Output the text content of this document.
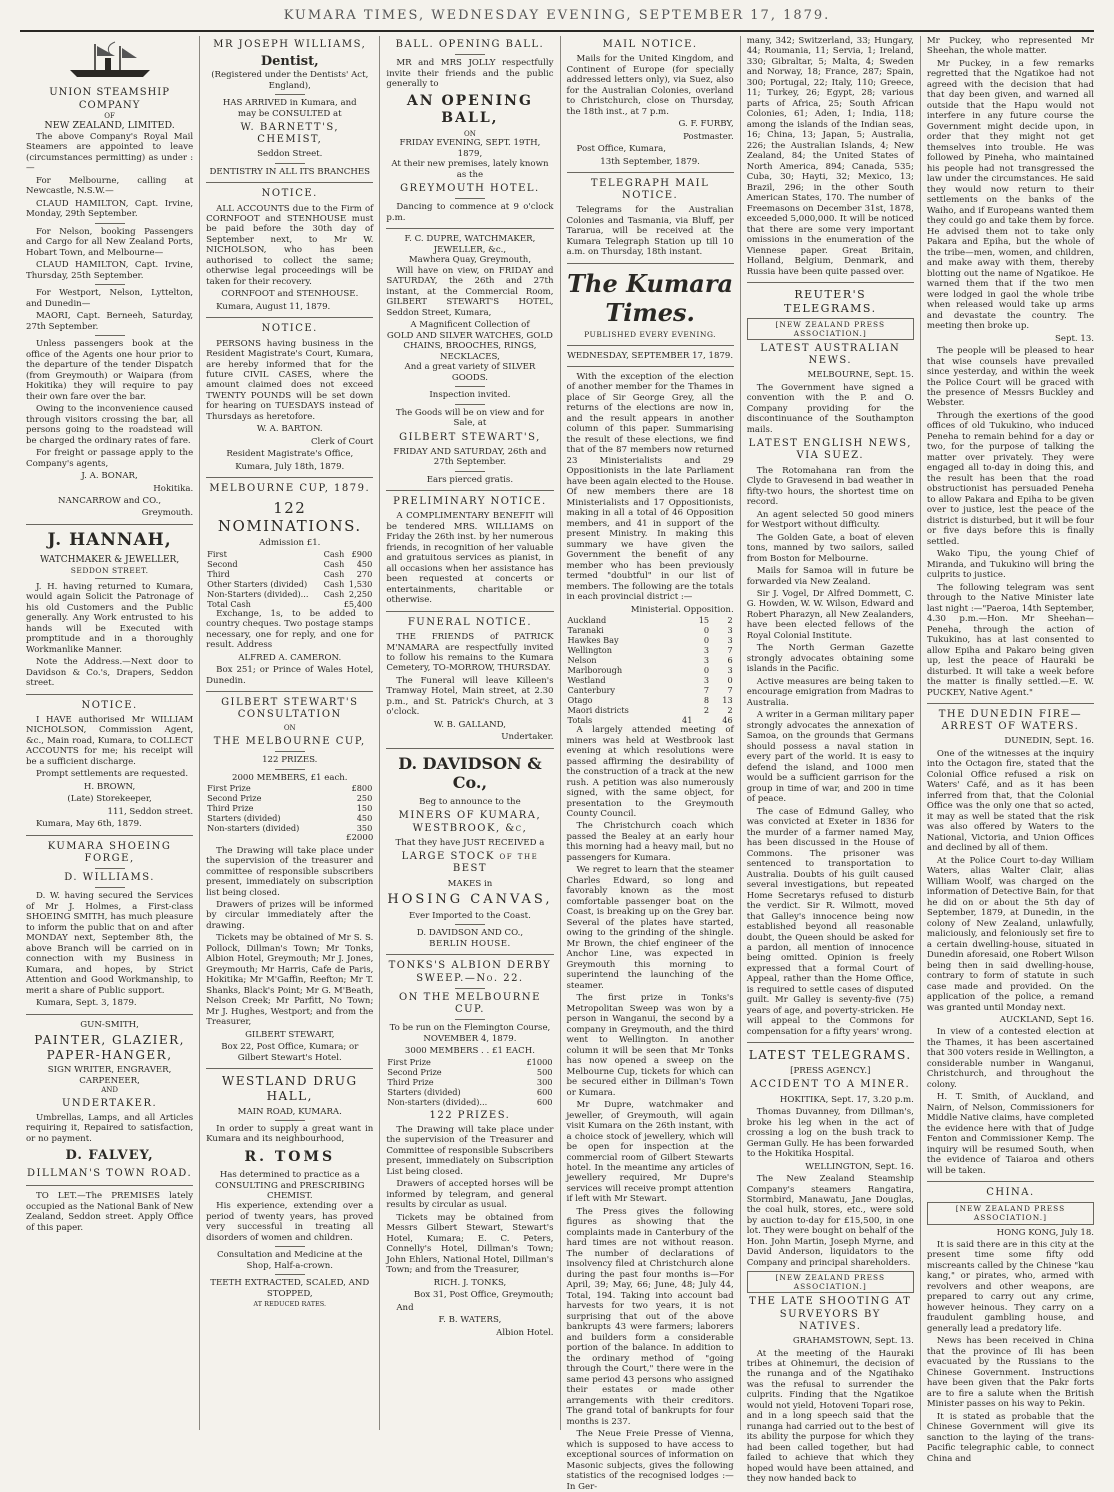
KUMARA TIMES, WEDNESDAY EVENING, SEPTEMBER 17, 1879.
UNION STEAMSHIP COMPANY
OF
NEW ZEALAND, LIMITED.

The above Company's Royal Mail Steamers are appointed to leave (circumstances permitting) as under :—

For Melbourne, calling at Newcastle, N.S.W.—

CLAUD HAMILTON, Capt. Irvine, Monday, 29th September.

For Nelson, booking Passengers and Cargo for all New Zealand Ports, Hobart Town, and Melbourne—

CLAUD HAMILTON, Capt. Irvine, Thursday, 25th September.

For Westport, Nelson, Lyttelton, and Dunedin—

MAORI, Capt. Berneeh, Saturday, 27th September.

Unless passengers book at the office of the Agents one hour prior to the departure of the tender Dispatch (from Greymouth) or Waipara (from Hokitika) they will require to pay their own fare over the bar.

Owing to the inconvenience caused through visitors crossing the bar, all persons going to the roadstead will be charged the ordinary rates of fare.

For freight or passage apply to the Company's agents,

J. A. BONAR,

Hokitika.

NANCARROW and CO.,

Greymouth.

J. HANNAH,
WATCHMAKER & JEWELLER,
SEDDON STREET.

J. H. having returned to Kumara, would again Solicit the Patronage of his old Customers and the Public generally. Any Work entrusted to his hands will be Executed with promptitude and in a thoroughly Workmanlike Manner.

Note the Address.—Next door to Davidson & Co.'s, Drapers, Seddon street.

NOTICE.

I HAVE authorised Mr WILLIAM NICHOLSON, Commission Agent, &c., Main road, Kumara, to COLLECT ACCOUNTS for me; his receipt will be a sufficient discharge.

Prompt settlements are requested.

H. BROWN,

(Late) Storekeeper,

111, Seddon street.

Kumara, May 6th, 1879.

KUMARA SHOEING FORGE,
D. WILLIAMS.

D. W. having secured the Services of Mr J. Holmes, a First-class SHOEING SMITH, has much pleasure to inform the public that on and after MONDAY next, September 8th, the above Branch will be carried on in connection with my Business in Kumara, and hopes, by Strict Attention and Good Workmanship, to merit a share of Public support.

Kumara, Sept. 3, 1879.

GUN-SMITH,
PAINTER, GLAZIER, PAPER-HANGER,
SIGN WRITER, ENGRAVER,
CARPENEER,
AND
UNDERTAKER.

Umbrellas, Lamps, and all Articles requiring it, Repaired to satisfaction, or no payment.

D. FALVEY,
DILLMAN'S TOWN ROAD.

TO LET.—The PREMISES lately occupied as the National Bank of New Zealand, Seddon street. Apply Office of this paper.

MR JOSEPH WILLIAMS,
Dentist,
(Registered under the Dentists' Act, England),
HAS ARRIVED in Kumara, and
may be CONSULTED at
W. BARNETT'S, CHEMIST,
Seddon Street.
DENTISTRY IN ALL ITS BRANCHES
NOTICE.

ALL ACCOUNTS due to the Firm of CORNFOOT and STENHOUSE must be paid before the 30th day of September next, to Mr W. NICHOLSON, who has been authorised to collect the same; otherwise legal proceedings will be taken for their recovery.

CORNFOOT and STENHOUSE.

Kumara, August 11, 1879.

NOTICE.

PERSONS having business in the Resident Magistrate's Court, Kumara, are hereby informed that for the future CIVIL CASES, where the amount claimed does not exceed TWENTY POUNDS will be set down for hearing on TUESDAYS instead of Thursdays as heretofore.

W. A. BARTON.

Clerk of Court

Resident Magistrate's Office,

Kumara, July 18th, 1879.

MELBOURNE CUP, 1879.
122 NOMINATIONS.
Admission £1.
First	Cash	£900
Second	Cash	450
Third	Cash	270
Other Starters (divided)	Cash	1,530
Non-Starters (divided)...	Cash	2,250
Total Cash	£5,400

Exchange, 1s, to be added to country cheques. Two postage stamps necessary, one for reply, and one for result. Address

ALFRED A. CAMERON.

Box 251; or Prince of Wales Hotel, Dunedin.

GILBERT STEWART'S CONSULTATION
ON
THE MELBOURNE CUP,
122 PRIZES.
2000 MEMBERS, £1 each.
First Prize	£800
Second Prize	250
Third Prize	150
Starters (divided)	450
Non-starters (divided)	350

£2000

The Drawing will take place under the supervision of the treasurer and committee of responsible subscribers present, immediately on subscription list being closed.

Drawers of prizes will be informed by circular immediately after the drawing.

Tickets may be obtained of Mr S. S. Pollock, Dillman's Town; Mr Tonks, Albion Hotel, Greymouth; Mr J. Jones, Greymouth; Mr Harris, Cafe de Paris, Hokitika; Mr M'Gaffin, Reefton; Mr T. Shanks, Black's Point; Mr G. M'Beath, Nelson Creek; Mr Parfitt, No Town; Mr J. Hughes, Westport; and from the Treasurer,

GILBERT STEWART,

Box 22, Post Office, Kumara; or Gilbert Stewart's Hotel.

WESTLAND DRUG HALL,
MAIN ROAD, KUMARA.

In order to supply a great want in Kumara and its neighbourhood,

R. TOMS
Has determined to practice as a
CONSULTING and PRESCRIBING CHEMIST.

His experience, extending over a period of twenty years, has proved very successful in treating all disorders of women and children.

Consultation and Medicine at the Shop, Half-a-crown.

TEETH EXTRACTED, SCALED, AND STOPPED,

AT REDUCED RATES.

BALL. OPENING BALL.

MR and MRS JOLLY respectfully invite their friends and the public generally to

AN OPENING BALL,
ON
FRIDAY EVENING, SEPT. 19TH, 1879,
At their new premises, lately known as the
GREYMOUTH HOTEL.

Dancing to commence at 9 o'clock p.m.

F. C. DUPRE, WATCHMAKER, JEWELLER, &c.,
Mawhera Quay, Greymouth,

Will have on view, on FRIDAY and SATURDAY, the 26th and 27th instant, at the Commercial Room, GILBERT STEWART'S HOTEL, Seddon Street, Kumara,

A Magnificent Collection of
GOLD AND SILVER WATCHES, GOLD CHAINS, BROOCHES, RINGS, NECKLACES,
And a great variety of SILVER GOODS.
Inspection invited.

The Goods will be on view and for Sale, at

GILBERT STEWART'S,
FRIDAY AND SATURDAY, 26th and 27th September.
Ears pierced gratis.
PRELIMINARY NOTICE.

A COMPLIMENTARY BENEFIT will be tendered MRS. WILLIAMS on Friday the 26th inst. by her numerous friends, in recognition of her valuable and gratuitous services as pianist, in all occasions when her assistance has been requested at concerts or entertainments, charitable or otherwise.

FUNERAL NOTICE.

THE FRIENDS of PATRICK M'NAMARA are respectfully invited to follow his remains to the Kumara Cemetery, TO-MORROW, THURSDAY.

The Funeral will leave Killeen's Tramway Hotel, Main street, at 2.30 p.m., and St. Patrick's Church, at 3 o'clock.

W. B. GALLAND,

Undertaker.

D. DAVIDSON & Co.,
Beg to announce to the
MINERS OF KUMARA, WESTBROOK, &c,
That they have JUST RECEIVED a
LARGE STOCK of the BEST
MAKES in
HOSING CANVAS,
Ever Imported to the Coast.
D. DAVIDSON AND CO.,
BERLIN HOUSE.
TONKS'S ALBION DERBY SWEEP.—No. 22.
ON THE MELBOURNE CUP.

To be run on the Flemington Course, NOVEMBER 4, 1879.

3000 MEMBERS . . £1 EACH.
First Prize	£1000
Second Prize	500
Third Prize	300
Starters (divided)	600
Non-starters (divided)...	600
122 PRIZES.

The Drawing will take place under the supervision of the Treasurer and Committee of responsible Subscribers present, immediately on Subscription List being closed.

Drawers of accepted horses will be informed by telegram, and general results by circular as usual.

Tickets may be obtained from Messrs Gilbert Stewart, Stewart's Hotel, Kumara; E. C. Peters, Connelly's Hotel, Dillman's Town; John Ehlers, National Hotel, Dillman's Town; and from the Treasurer,

RICH. J. TONKS,

Box 31, Post Office, Greymouth;

And

F. B. WATERS,

Albion Hotel.

MAIL NOTICE.

Mails for the United Kingdom, and Continent of Europe (for specially addressed letters only), via Suez, also for the Australian Colonies, overland to Christchurch, close on Thursday, the 18th inst., at 7 p.m.

G. F. FURBY,

Postmaster.

Post Office, Kumara,

13th September, 1879.

TELEGRAPH MAIL NOTICE.

Telegrams for the Australian Colonies and Tasmania, via Bluff, per Tararua, will be received at the Kumara Telegraph Station up till 10 a.m. on Thursday, 18th instant.

The Kumara Times.
PUBLISHED EVERY EVENING.
WEDNESDAY, SEPTEMBER 17, 1879.

With the exception of the election of another member for the Thames in place of Sir George Grey, all the returns of the elections are now in, and the result appears in another column of this paper. Summarising the result of these elections, we find that of the 87 members now returned 23 Ministerialists and 29 Oppositionists in the late Parliament have been again elected to the House. Of new members there are 18 Ministerialists and 17 Oppositionists, making in all a total of 46 Opposition members, and 41 in support of the present Ministry. In making this summary we have given the Government the benefit of any member who has been previously termed "doubtful" in our list of members. The following are the totals in each provincial district :—

Ministerial. Opposition.
Auckland	15	2
Taranaki	0	3
Hawkes Bay	0	3
Wellington	3	7
Nelson	3	6
Marlborough	0	3
Westland	3	0
Canterbury	7	7
Otago	8	13
Maori districts	2	2
Totals	41	46

A largely attended meeting of miners was held at Westbrook last evening at which resolutions were passed affirming the desirability of the construction of a track at the new rush. A petition was also numerously signed, with the same object, for presentation to the Greymouth County Council.

The Christchurch coach which passed the Bealey at an early hour this morning had a heavy mail, but no passengers for Kumara.

We regret to learn that the steamer Charles Edward, so long and favorably known as the most comfortable passenger boat on the Coast, is breaking up on the Grey bar. Several of the plates have started, owing to the grinding of the shingle. Mr Brown, the chief engineer of the Anchor Line, was expected in Greymouth this morning to superintend the launching of the steamer.

The first prize in Tonks's Metropolitan Sweep was won by a person in Wanganui, the second by a company in Greymouth, and the third went to Wellington. In another column it will be seen that Mr Tonks has now opened a sweep on the Melbourne Cup, tickets for which can be secured either in Dillman's Town or Kumara.

Mr Dupre, watchmaker and jeweller, of Greymouth, will again visit Kumara on the 26th instant, with a choice stock of jewellery, which will be open for inspection at the commercial room of Gilbert Stewarts hotel. In the meantime any articles of jewellery required, Mr Dupre's services will receive prompt attention if left with Mr Stewart.

The Press gives the following figures as showing that the complaints made in Canterbury of the hard times are not without reason. The number of declarations of insolvency filed at Christchurch alone during the past four months is—For April, 39; May, 66; June, 48; July 44, Total, 194. Taking into account bad harvests for two years, it is not surprising that out of the above bankrupts 43 were farmers; laborers and builders form a considerable portion of the balance. In addition to the ordinary method of "going through the Court," there were in the same period 43 persons who assigned their estates or made other arrangements with their creditors. The grand total of bankrupts for four months is 237.

The Neue Freie Presse of Vienna, which is supposed to have access to exceptional sources of information on Masonic subjects, gives the following statistics of the recognised lodges :—In Ger-

many, 342; Switzerland, 33; Hungary, 44; Roumania, 11; Servia, 1; Ireland, 330; Gibraltar, 5; Malta, 4; Sweden and Norway, 18; France, 287; Spain, 300; Portugal, 22; Italy, 110; Greece, 11; Turkey, 26; Egypt, 28; various parts of Africa, 25; South African Colonies, 61; Aden, 1; India, 118; among the islands of the Indian seas, 16; China, 13; Japan, 5; Australia, 226; the Australian Islands, 4; New Zealand, 84; the United States of North America, 894; Canada, 535; Cuba, 30; Hayti, 32; Mexico, 13; Brazil, 296; in the other South American States, 170. The number of Freemasons on December 31st, 1878, exceeded 5,000,000. It will be noticed that there are some very important omissions in the enumeration of the Viennese paper. Great Britain, Holland, Belgium, Denmark, and Russia have been quite passed over.

REUTER'S TELEGRAMS.
[NEW ZEALAND PRESS ASSOCIATION.]
LATEST AUSTRALIAN NEWS.

MELBOURNE, Sept. 15.

The Government have signed a convention with the P. and O. Company providing for the discontinuance of the Southampton mails.

LATEST ENGLISH NEWS, VIA SUEZ.

The Rotomahana ran from the Clyde to Gravesend in bad weather in fifty-two hours, the shortest time on record.

An agent selected 50 good miners for Westport without difficulty.

The Golden Gate, a boat of eleven tons, manned by two sailors, sailed from Boston for Melbourne.

Mails for Samoa will in future be forwarded via New Zealand.

Sir J. Vogel, Dr Alfred Dommett, C. G. Howden, W. W. Wilson, Edward and Robert Pharazyn, all New Zealanders, have been elected fellows of the Royal Colonial Institute.

The North German Gazette strongly advocates obtaining some islands in the Pacific.

Active measures are being taken to encourage emigration from Madras to Australia.

A writer in a German military paper strongly advocates the annexation of Samoa, on the grounds that Germans should possess a naval station in every part of the world. It is easy to defend the island, and 1000 men would be a sufficient garrison for the group in time of war, and 200 in time of peace.

The case of Edmund Galley, who was convicted at Exeter in 1836 for the murder of a farmer named May, has been discussed in the House of Commons. The prisoner was sentenced to transportation to Australia. Doubts of his guilt caused several investigations, but repeated Home Secretarys refused to disturb the verdict. Sir R. Wilmott, moved that Galley's innocence being now established beyond all reasonable doubt, the Queen should be asked for a pardon, all mention of innocence being omitted. Opinion is freely expressed that a formal Court of Appeal, rather than the Home Office, is required to settle cases of disputed guilt. Mr Galley is seventy-five (75) years of age, and poverty-stricken. He will appeal to the Commons for compensation for a fifty years' wrong.

LATEST TELEGRAMS.
[PRESS AGENCY.]
ACCIDENT TO A MINER.

HOKITIKA, Sept. 17, 3.20 p.m.

Thomas Duvanney, from Dillman's, broke his leg when in the act of crossing a log on the bush track to German Gully. He has been forwarded to the Hokitika Hospital.

WELLINGTON, Sept. 16.

The New Zealand Steamship Company's steamers Rangatira, Stormbird, Manawatu, Jane Douglas, the coal hulk, stores, etc., were sold by auction to-day for £15,500, in one lot. They were bought on behalf of the Hon. John Martin, Joseph Myrne, and David Anderson, liquidators to the Company and principal shareholders.

[NEW ZEALAND PRESS ASSOCIATION.]
THE LATE SHOOTING AT SURVEYORS BY NATIVES.

GRAHAMSTOWN, Sept. 13.

At the meeting of the Hauraki tribes at Ohinemuri, the decision of the runanga and of the Ngatihako was the refusal to surrender the culprits. Finding that the Ngatikoe would not yield, Hotoveni Topari rose, and in a long speech said that the runanga had carried out to the best of its ability the purpose for which they had been called together, but had failed to achieve that which they hoped would have been attained, and they now handed back to

Mr Puckey, who represented Mr Sheehan, the whole matter.

Mr Puckey, in a few remarks regretted that the Ngatikoe had not agreed with the decision that had that day been given, and warned all outside that the Hapu would not interfere in any future course the Government might decide upon, in order that they might not get themselves into trouble. He was followed by Pineha, who maintained his people had not transgressed the law under the circumstances. He said they would now return to their settlements on the banks of the Waiho, and if Europeans wanted them they could go and take them by force. He advised them not to take only Pakara and Epiha, but the whole of the tribe—men, women, and children, and make away with them, thereby blotting out the name of Ngatikoe. He warned them that if the two men were lodged in gaol the whole tribe when released would take up arms and devastate the country. The meeting then broke up.

Sept. 13.

The people will be pleased to hear that wise counsels have prevailed since yesterday, and within the week the Police Court will be graced with the presence of Messrs Buckley and Webster.

Through the exertions of the good offices of old Tukukino, who induced Peneha to remain behind for a day or two, for the purpose of talking the matter over privately. They were engaged all to-day in doing this, and the result has been that the road obstructionist has persuaded Peneha to allow Pakara and Epiha to be given over to justice, lest the peace of the district is disturbed, but it will be four or five days before this is finally settled.

Wako Tipu, the young Chief of Miranda, and Tukukino will bring the culprits to justice.

The following telegram was sent through to the Native Minister late last night :—"Paeroa, 14th September, 4.30 p.m.—Hon. Mr Sheehan—Peneha, through the action of Tukukino, has at last consented to allow Epiha and Pakaro being given up, lest the peace of Hauraki be disturbed. It will take a week before the matter is finally settled.—E. W. PUCKEY, Native Agent."

THE DUNEDIN FIRE—ARREST OF WATERS.

DUNEDIN, Sept. 16.

One of the witnesses at the inquiry into the Octagon fire, stated that the Colonial Office refused a risk on Waters' Café, and as it has been inferred from that, that the Colonial Office was the only one that so acted, it may as well be stated that the risk was also offered by Waters to the National, Victoria, and Union Offices and declined by all of them.

At the Police Court to-day William Waters, alias Walter Clair, alias William Woolf, was charged on the information of Detective Bain, for that he did on or about the 5th day of September, 1879, at Dunedin, in the colony of New Zealand, unlawfully, maliciously, and feloniously set fire to a certain dwelling-house, situated in Dunedin aforesaid, one Robert Wilson being then in said dwelling-house, contrary to form of statute in such case made and provided. On the application of the police, a remand was granted until Monday next.

AUCKLAND, Sept 16.

In view of a contested election at the Thames, it has been ascertained that 300 voters reside in Wellington, a considerable number in Wanganui, Christchurch, and throughout the colony.

H. T. Smith, of Auckland, and Nairn, of Nelson, Commissioners for Middle Native claims, have completed the evidence here with that of Judge Fenton and Commissioner Kemp. The inquiry will be resumed South, when the evidence of Taiaroa and others will be taken.

CHINA.
[NEW ZEALAND PRESS ASSOCIATION.]

HONG KONG, July 18.

It is said there are in this city at the present time some fifty odd miscreants called by the Chinese "kau kang," or pirates, who, armed with revolvers and other weapons, are prepared to carry out any crime, however heinous. They carry on a fraudulent gambling house, and generally lead a predatory life.

News has been received in China that the province of Ili has been evacuated by the Russians to the Chinese Government. Instructions have been given that the Pakr forts are to fire a salute when the British Minister passes on his way to Pekin.

It is stated as probable that the Chinese Government will give its sanction to the laying of the trans-Pacific telegraphic cable, to connect China and
